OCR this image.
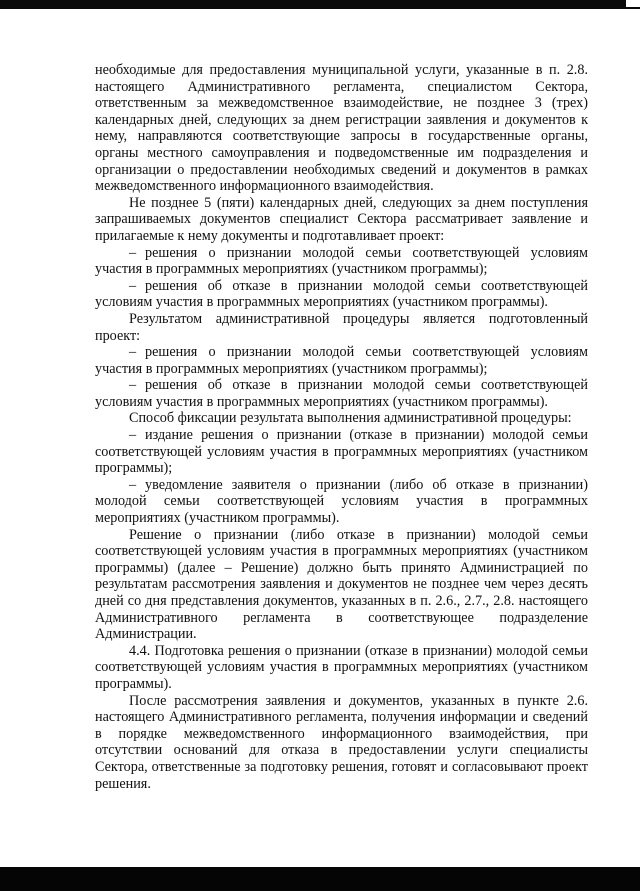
необходимые для предоставления муниципальной услуги, указанные в п. 2.8. настоящего Административного регламента, специалистом Сектора, ответственным за межведомственное взаимодействие, не позднее 3 (трех) календарных дней, следующих за днем регистрации заявления и документов к нему, направляются соответствующие запросы в государственные органы, органы местного самоуправления и подведомственные им подразделения и организации о предоставлении необходимых сведений и документов в рамках межведомственного информационного взаимодействия.

Не позднее 5 (пяти) календарных дней, следующих за днем поступления запрашиваемых документов специалист Сектора рассматривает заявление и прилагаемые к нему документы и подготавливает проект:

– решения о признании молодой семьи соответствующей условиям участия в программных мероприятиях (участником программы);

– решения об отказе в признании молодой семьи соответствующей условиям участия в программных мероприятиях (участником программы).

Результатом административной процедуры является подготовленный проект:

– решения о признании молодой семьи соответствующей условиям участия в программных мероприятиях (участником программы);

– решения об отказе в признании молодой семьи соответствующей условиям участия в программных мероприятиях (участником программы).

Способ фиксации результата выполнения административной процедуры:

– издание решения о признании (отказе в признании) молодой семьи соответствующей условиям участия в программных мероприятиях (участником программы);

– уведомление заявителя о признании (либо об отказе в признании) молодой семьи соответствующей условиям участия в программных мероприятиях (участником программы).

Решение о признании (либо отказе в признании) молодой семьи соответствующей условиям участия в программных мероприятиях (участником программы) (далее – Решение) должно быть принято Администрацией по результатам рассмотрения заявления и документов не позднее чем через десять дней со дня представления документов, указанных в п. 2.6., 2.7., 2.8. настоящего Административного регламента в соответствующее подразделение Администрации.

4.4. Подготовка решения о признании (отказе в признании) молодой семьи соответствующей условиям участия в программных мероприятиях (участником программы).

После рассмотрения заявления и документов, указанных в пункте 2.6. настоящего Административного регламента, получения информации и сведений в порядке межведомственного информационного взаимодействия, при отсутствии оснований для отказа в предоставлении услуги специалисты Сектора, ответственные за подготовку решения, готовят и согласовывают проект решения.
